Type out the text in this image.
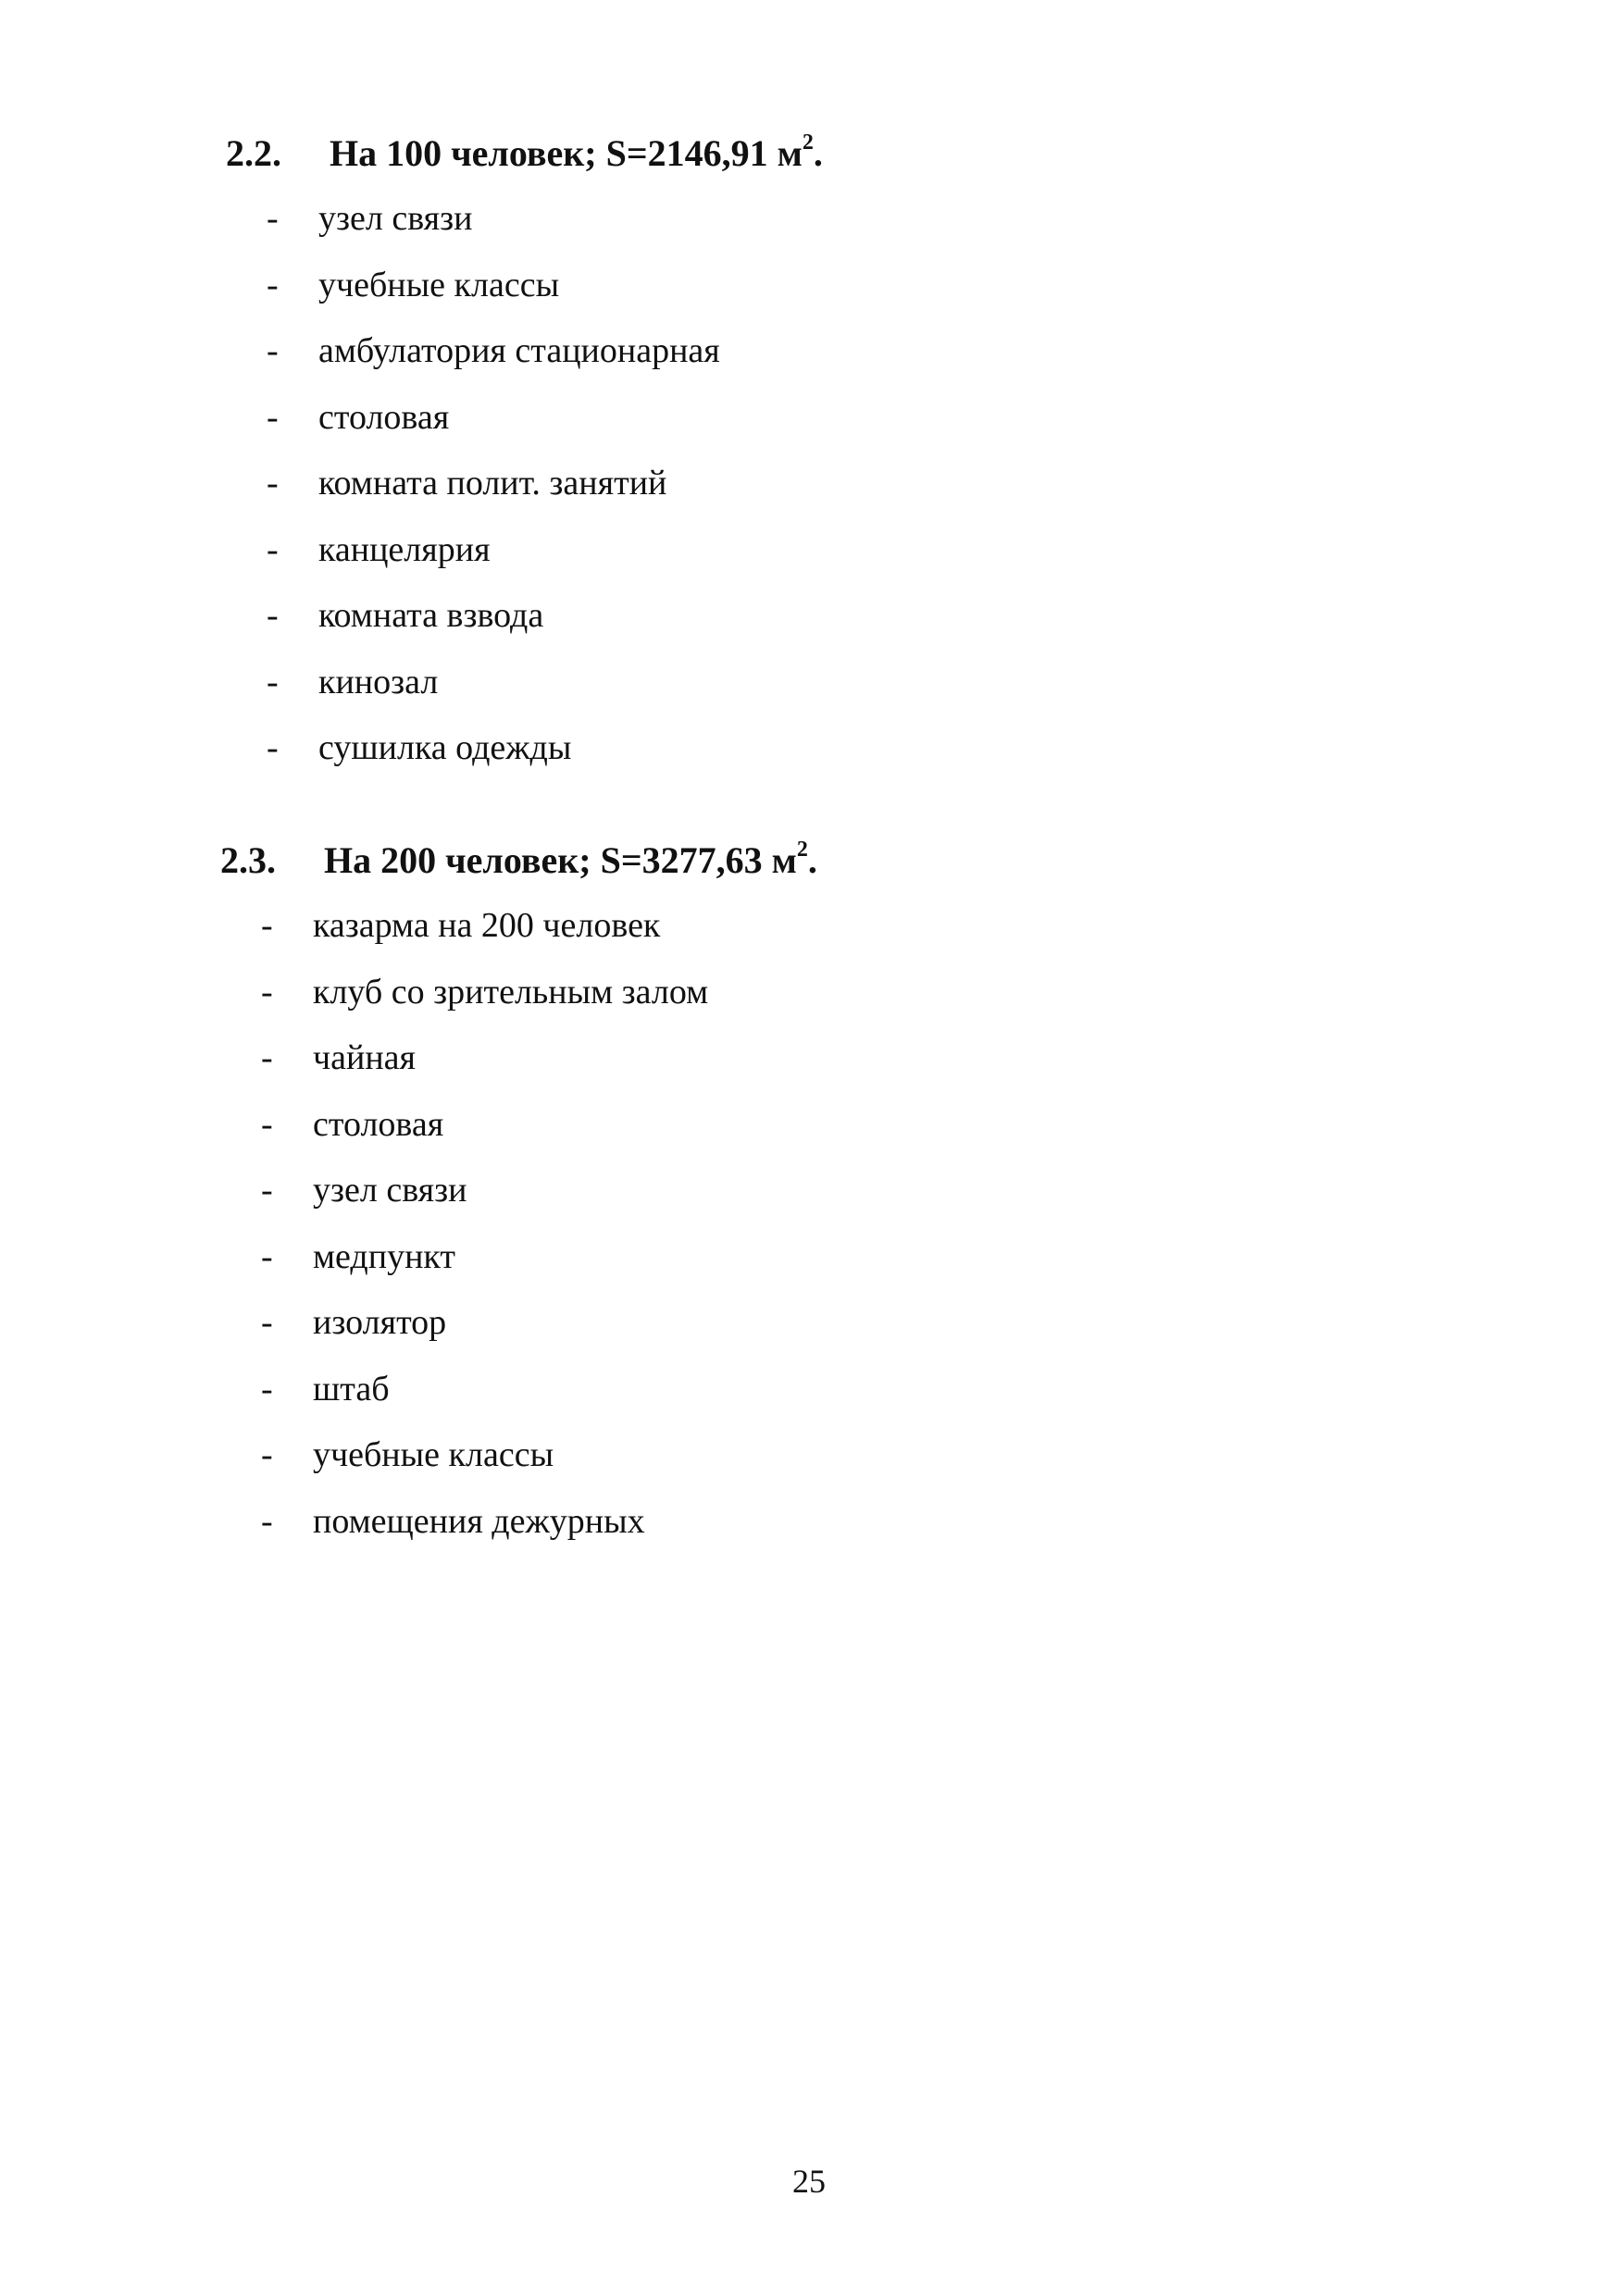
2.2. На 100 человек; S=2146,91 $м^2$.
-	узел связи
-	учебные классы
-	амбулатория стационарная
-	столовая
-	комната полит. занятий
-	канцелярия
-	комната взвода
-	кинозал
-	сушилка одежды
2.3. На 200 человек; S=3277,63 $м^2$.
-	казарма на 200 человек
-	клуб со зрительным залом
-	чайная
-	столовая
-	узел связи
-	медпункт
-	изолятор
-	штаб
-	учебные классы
-	помещения дежурных
25
